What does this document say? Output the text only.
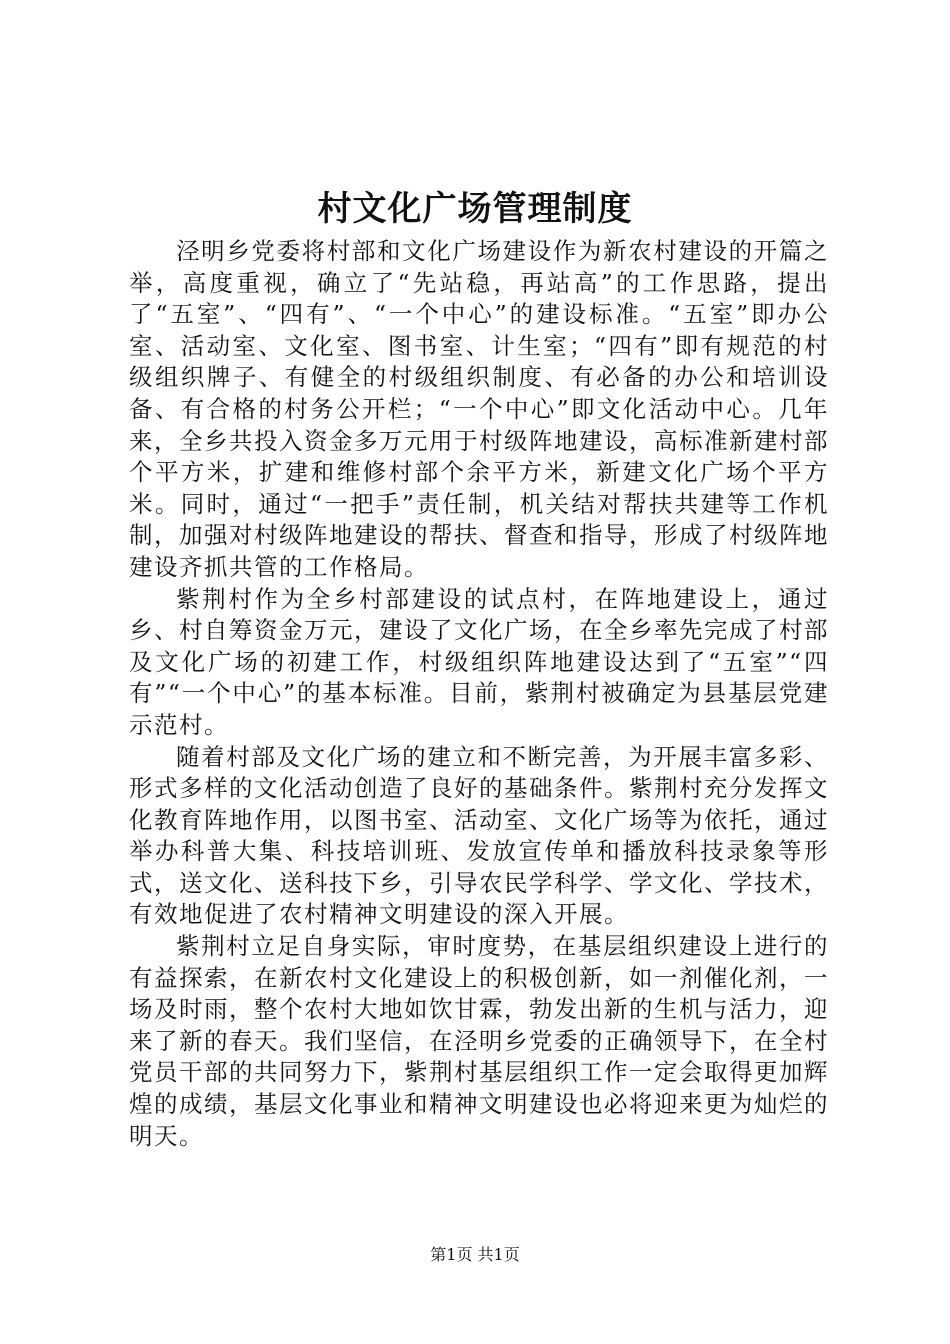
村文化广场管理制度

泾明乡党委将村部和文化广场建设作为新农村建设的开篇之举，高度重视，确立了“先站稳，再站高”的工作思路，提出了“五室”、“四有”、“一个中心”的建设标准。“五室”即办公室、活动室、文化室、图书室、计生室；“四有”即有规范的村级组织牌子、有健全的村级组织制度、有必备的办公和培训设备、有合格的村务公开栏；“一个中心”即文化活动中心。几年来，全乡共投入资金多万元用于村级阵地建设，高标准新建村部个平方米，扩建和维修村部个余平方米，新建文化广场个平方米。同时，通过“一把手”责任制，机关结对帮扶共建等工作机制，加强对村级阵地建设的帮扶、督查和指导，形成了村级阵地建设齐抓共管的工作格局。

紫荆村作为全乡村部建设的试点村，在阵地建设上，通过乡、村自筹资金万元，建设了文化广场，在全乡率先完成了村部及文化广场的初建工作，村级组织阵地建设达到了“五室”“四有”“一个中心”的基本标准。目前，紫荆村被确定为县基层党建示范村。

随着村部及文化广场的建立和不断完善，为开展丰富多彩、形式多样的文化活动创造了良好的基础条件。紫荆村充分发挥文化教育阵地作用，以图书室、活动室、文化广场等为依托，通过举办科普大集、科技培训班、发放宣传单和播放科技录象等形式，送文化、送科技下乡，引导农民学科学、学文化、学技术，有效地促进了农村精神文明建设的深入开展。

紫荆村立足自身实际，审时度势，在基层组织建设上进行的有益探索，在新农村文化建设上的积极创新，如一剂催化剂，一场及时雨，整个农村大地如饮甘霖，勃发出新的生机与活力，迎来了新的春天。我们坚信，在泾明乡党委的正确领导下，在全村党员干部的共同努力下，紫荆村基层组织工作一定会取得更加辉煌的成绩，基层文化事业和精神文明建设也必将迎来更为灿烂的明天。

第1页 共1页
